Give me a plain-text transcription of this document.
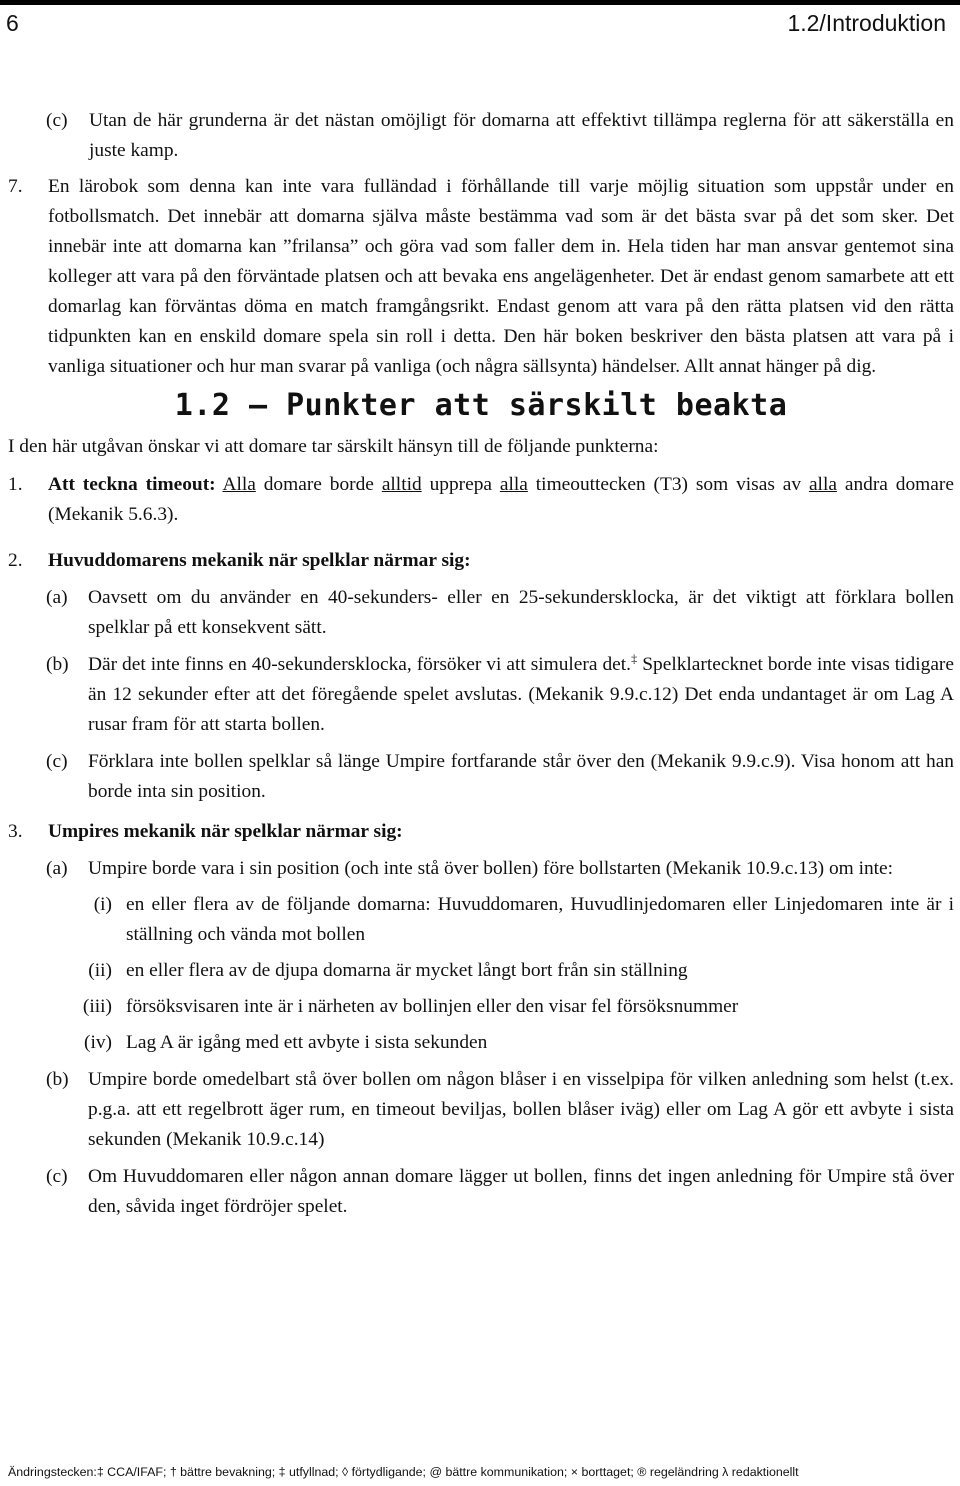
6	1.2/Introduktion

(c) Utan de här grunderna är det nästan omöjligt för domarna att effektivt tillämpa reglerna för att säkerställa en juste kamp.

7. En lärobok som denna kan inte vara fulländad i förhållande till varje möjlig situation som uppstår under en fotbollsmatch. Det innebär att domarna själva måste bestämma vad som är det bästa svar på det som sker. Det innebär inte att domarna kan ”frilansa” och göra vad som faller dem in. Hela tiden har man ansvar gentemot sina kolleger att vara på den förväntade platsen och att bevaka ens angelägenheter. Det är endast genom samarbete att ett domarlag kan förväntas döma en match framgångsrikt. Endast genom att vara på den rätta platsen vid den rätta tidpunkten kan en enskild domare spela sin roll i detta. Den här boken beskriver den bästa platsen att vara på i vanliga situationer och hur man svarar på vanliga (och några sällsynta) händelser. Allt annat hänger på dig.

1.2 — Punkter att särskilt beakta

I den här utgåvan önskar vi att domare tar särskilt hänsyn till de följande punkterna:

1. Att teckna timeout: Alla domare borde alltid upprepa alla timeouttecken (T3) som visas av alla andra domare (Mekanik 5.6.3).

2. Huvuddomarens mekanik när spelklar närmar sig:

(a) Oavsett om du använder en 40-sekunders- eller en 25-sekundersklocka, är det viktigt att förklara bollen spelklar på ett konsekvent sätt.

(b) Där det inte finns en 40-sekundersklocka, försöker vi att simulera det.‡ Spelklartecknet borde inte visas tidigare än 12 sekunder efter att det föregående spelet avslutas. (Mekanik 9.9.c.12) Det enda undantaget är om Lag A rusar fram för att starta bollen.

(c) Förklara inte bollen spelklar så länge Umpire fortfarande står över den (Mekanik 9.9.c.9). Visa honom att han borde inta sin position.

3. Umpires mekanik när spelklar närmar sig:

(a) Umpire borde vara i sin position (och inte stå över bollen) före bollstarten (Mekanik 10.9.c.13) om inte:

(i) en eller flera av de följande domarna: Huvuddomaren, Huvudlinjedomaren eller Linjedomaren inte är i ställning och vända mot bollen

(ii) en eller flera av de djupa domarna är mycket långt bort från sin ställning

(iii) försöksvisaren inte är i närheten av bollinjen eller den visar fel försöksnummer

(iv) Lag A är igång med ett avbyte i sista sekunden

(b) Umpire borde omedelbart stå över bollen om någon blåser i en visselpipa för vilken anledning som helst (t.ex. p.g.a. att ett regelbrott äger rum, en timeout beviljas, bollen blåser iväg) eller om Lag A gör ett avbyte i sista sekunden (Mekanik 10.9.c.14)

(c) Om Huvuddomaren eller någon annan domare lägger ut bollen, finns det ingen anledning för Umpire stå över den, såvida inget fördröjer spelet.

Ändringstecken:‡ CCA/IFAF; † bättre bevakning; ‡ utfyllnad; ◊ förtydligande; @ bättre kommunikation; × borttaget; ® regeländring λ redaktionellt
